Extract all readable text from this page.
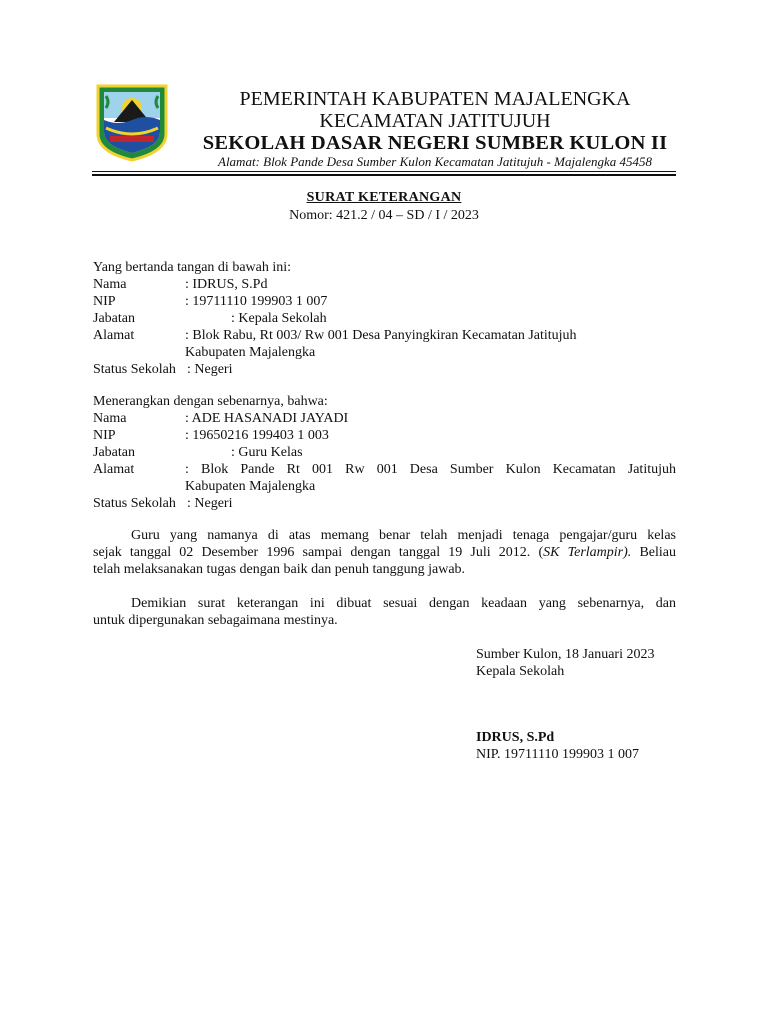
PEMERINTAH KABUPATEN MAJALENGKA
KECAMATAN JATITUJUH
SEKOLAH DASAR NEGERI SUMBER KULON II
Alamat: Blok Pande Desa Sumber Kulon Kecamatan Jatitujuh - Majalengka 45458
SURAT KETERANGAN
Nomor: 421.2 / 04 – SD / I / 2023
Yang bertanda tangan di bawah ini:
Nama	: IDRUS, S.Pd
NIP	: 19711110 199903 1 007
Jabatan	: Kepala Sekolah
Alamat	: Blok Rabu, Rt 003/ Rw 001 Desa Panyingkiran Kecamatan Jatitujuh
Kabupaten Majalengka
Status Sekolah : Negeri
Menerangkan dengan sebenarnya, bahwa:
Nama	: ADE HASANADI JAYADI
NIP	: 19650216 199403 1 003
Jabatan	: Guru Kelas
Alamat	: Blok Pande Rt 001 Rw 001 Desa Sumber Kulon Kecamatan Jatitujuh
Kabupaten Majalengka
Status Sekolah : Negeri
Guru yang namanya di atas memang benar telah menjadi tenaga pengajar/guru kelas
sejak tanggal 02 Desember 1996 sampai dengan tanggal 19 Juli 2012. (SK Terlampir). Beliau
telah melaksanakan tugas dengan baik dan penuh tanggung jawab.
Demikian surat keterangan ini dibuat sesuai dengan keadaan yang sebenarnya, dan
untuk dipergunakan sebagaimana mestinya.
Sumber Kulon, 18 Januari 2023
Kepala Sekolah
IDRUS, S.Pd
NIP. 19711110 199903 1 007
